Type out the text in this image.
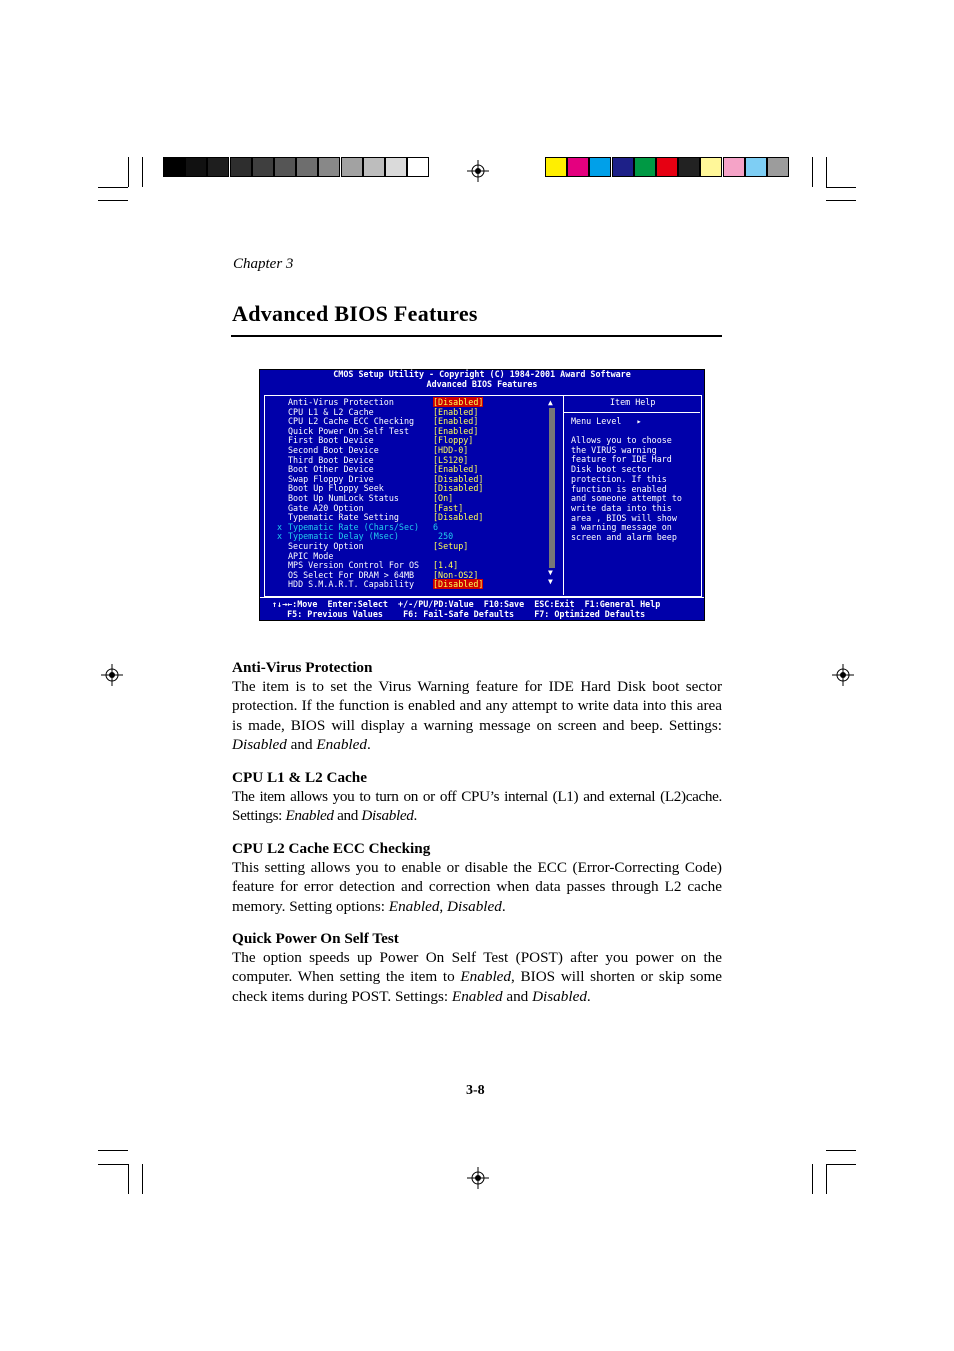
Chapter 3
Advanced BIOS Features
CMOS Setup Utility - Copyright (C) 1984-2001 Award Software
Advanced BIOS Features
Item Help
Menu Level   ▸
Allows you to choose
the VIRUS warning
feature for IDE Hard
Disk boot sector
protection. If this
function is enabled
and someone attempt to
write data into this
area , BIOS will show
a warning message on
screen and alarm beep
Anti-Virus Protection	[Disabled]
CPU L1 & L2 Cache	[Enabled]
CPU L2 Cache ECC Checking [Enabled]
Quick Power On Self Test	[Enabled]
First Boot Device	[Floppy]
Second Boot Device	[HDD-0]
Third Boot Device	[LS120]
Boot Other Device	[Enabled]
Swap Floppy Drive	[Disabled]
Boot Up Floppy Seek	[Disabled]
Boot Up NumLock Status	[On]
Gate A20 Option	[Fast]
Typematic Rate Setting	[Disabled]
x Typematic Rate (Chars/Sec) 6
x Typematic Delay (Msec)	250
Security Option	[Setup]
APIC Mode
MPS Version Control For OS [1.4]
OS Select For DRAM > 64MB [Non-OS2]
HDD S.M.A.R.T. Capability [Disabled]
▲
▼
▼
↑↓→←:Move  Enter:Select  +/-/PU/PD:Value  F10:Save  ESC:Exit  F1:General Help
F5: Previous Values    F6: Fail-Safe Defaults    F7: Optimized Defaults
Anti-Virus Protection

The item is to set the Virus Warning feature for IDE Hard Disk boot sector protection. If the function is enabled and any attempt to write data into this area is made, BIOS will display a warning message on screen and beep. Settings: Disabled and Enabled.

CPU L1 & L2 Cache

The item allows you to turn on or off CPU’s internal (L1) and external (L2)cache. Settings: Enabled and Disabled.

CPU L2 Cache ECC Checking

This setting allows you to enable or disable the ECC (Error-Correcting Code) feature for error detection and correction when data passes through L2 cache memory. Setting options: Enabled, Disabled.

Quick Power On Self Test

The option speeds up Power On Self Test (POST) after you power on the computer. When setting the item to Enabled, BIOS will shorten or skip some check items during POST. Settings: Enabled and Disabled.

3-8
